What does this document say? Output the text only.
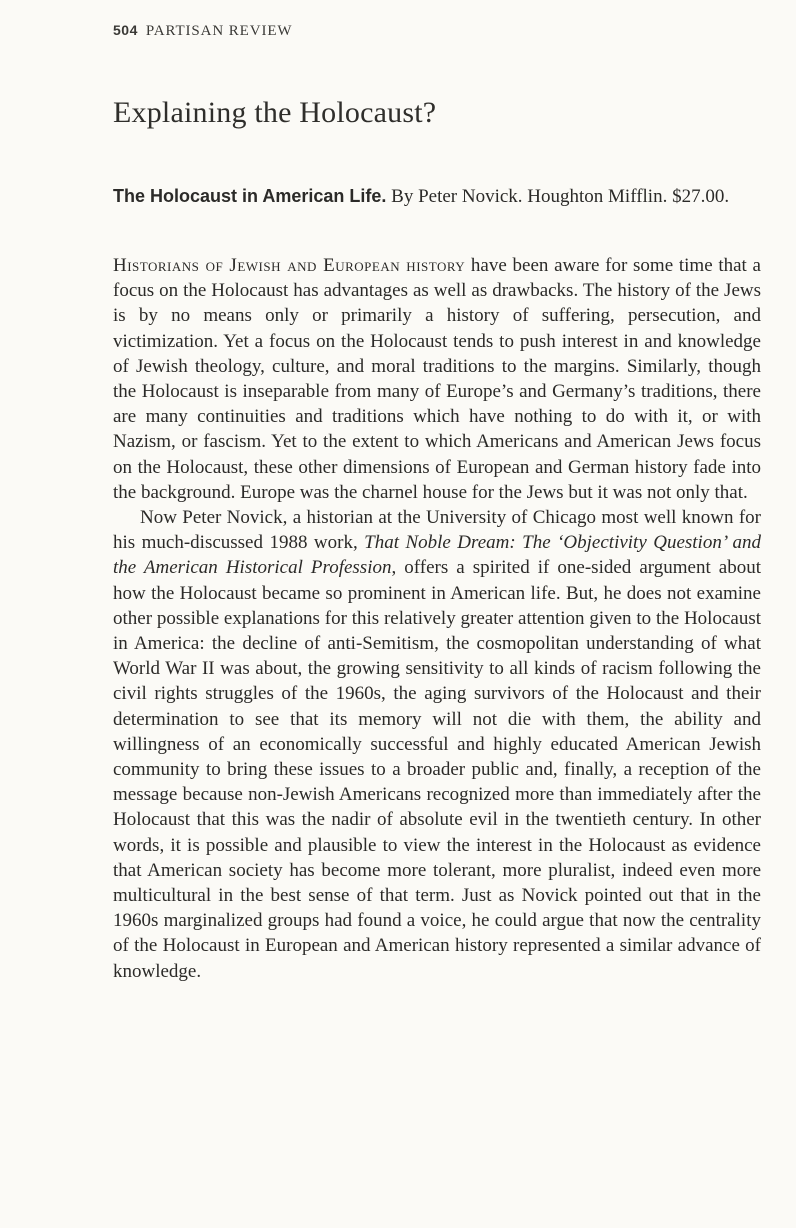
504 PARTISAN REVIEW
Explaining the Holocaust?

The Holocaust in American Life. By Peter Novick. Houghton Mifflin. $27.00.

Historians of Jewish and European history have been aware for some time that a focus on the Holocaust has advantages as well as drawbacks. The history of the Jews is by no means only or primarily a history of suffering, persecution, and victimization. Yet a focus on the Holocaust tends to push interest in and knowledge of Jewish theology, culture, and moral traditions to the margins. Similarly, though the Holocaust is inseparable from many of Europe’s and Germany’s traditions, there are many continuities and traditions which have nothing to do with it, or with Nazism, or fascism. Yet to the extent to which Americans and American Jews focus on the Holocaust, these other dimensions of European and German history fade into the background. Europe was the charnel house for the Jews but it was not only that.

Now Peter Novick, a historian at the University of Chicago most well known for his much-discussed 1988 work, That Noble Dream: The ‘Objectivity Question’ and the American Historical Profession, offers a spirited if one-sided argument about how the Holocaust became so prominent in American life. But, he does not examine other possible explanations for this relatively greater attention given to the Holocaust in America: the decline of anti-Semitism, the cosmopolitan understanding of what World War II was about, the growing sensitivity to all kinds of racism following the civil rights struggles of the 1960s, the aging survivors of the Holocaust and their determination to see that its memory will not die with them, the ability and willingness of an economically successful and highly educated American Jewish community to bring these issues to a broader public and, finally, a reception of the message because non-Jewish Americans recognized more than immediately after the Holocaust that this was the nadir of absolute evil in the twentieth century. In other words, it is possible and plausible to view the interest in the Holocaust as evidence that American society has become more tolerant, more pluralist, indeed even more multicultural in the best sense of that term. Just as Novick pointed out that in the 1960s marginalized groups had found a voice, he could argue that now the centrality of the Holocaust in European and American history represented a similar advance of knowledge.
